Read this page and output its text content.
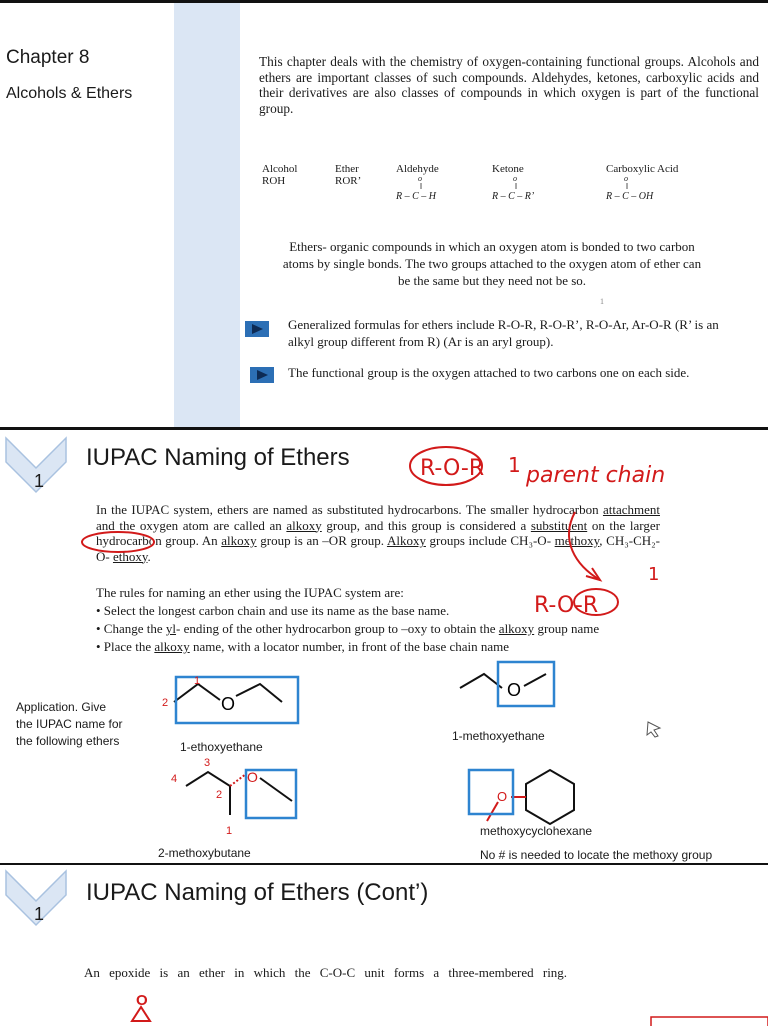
Chapter 8
Alcohols & Ethers
This chapter deals with the chemistry of oxygen-containing functional groups. Alcohols and ethers are important classes of such compounds. Aldehydes, ketones, carboxylic acids and their derivatives are also classes of compounds in which oxygen is part of the functional group.
Alcohol
ROH
Ether
ROR’
Aldehyde
o
‖
R – C – H
Ketone
o
‖
R – C – R’
Carboxylic Acid
o
‖
R – C – OH
Ethers- organic compounds in which an oxygen atom is bonded to two carbon atoms by single bonds. The two groups attached to the oxygen atom of ether can be the same but they need not be so.
1
Generalized formulas for ethers include R-O-R, R-O-R’, R-O-Ar, Ar-O-R (R’ is an alkyl group different from R) (Ar is an aryl group).
The functional group is the oxygen attached to two carbons one on each side.
1
IUPAC Naming of Ethers
In the IUPAC system, ethers are named as substituted hydrocarbons. The smaller hydrocarbon attachment and the oxygen atom are called an alkoxy group, and this group is considered a substituent on the larger hydrocarbon group. An alkoxy group is an –OR group. Alkoxy groups include CH₃-O- methoxy, CH₃-CH₂-O- ethoxy.
The rules for naming an ether using the IUPAC system are:
• Select the longest carbon chain and use its name as the base name.
• Change the yl- ending of the other hydrocarbon group to –oxy to obtain the alkoxy group name
• Place the alkoxy name, with a locator number, in front of the base chain name
Application. Give the IUPAC name for the following ethers
R-O-R 1 parent chain
R-O-R
1
O
1
2
O
O
3
4
2
1
O
1-ethoxyethane
1-methoxyethane
2-methoxybutane
methoxycyclohexane
No # is needed to locate the methoxy group
1
IUPAC Naming of Ethers (Cont’)
An epoxide is an ether in which the C-O-C unit forms a three-membered ring.
O
